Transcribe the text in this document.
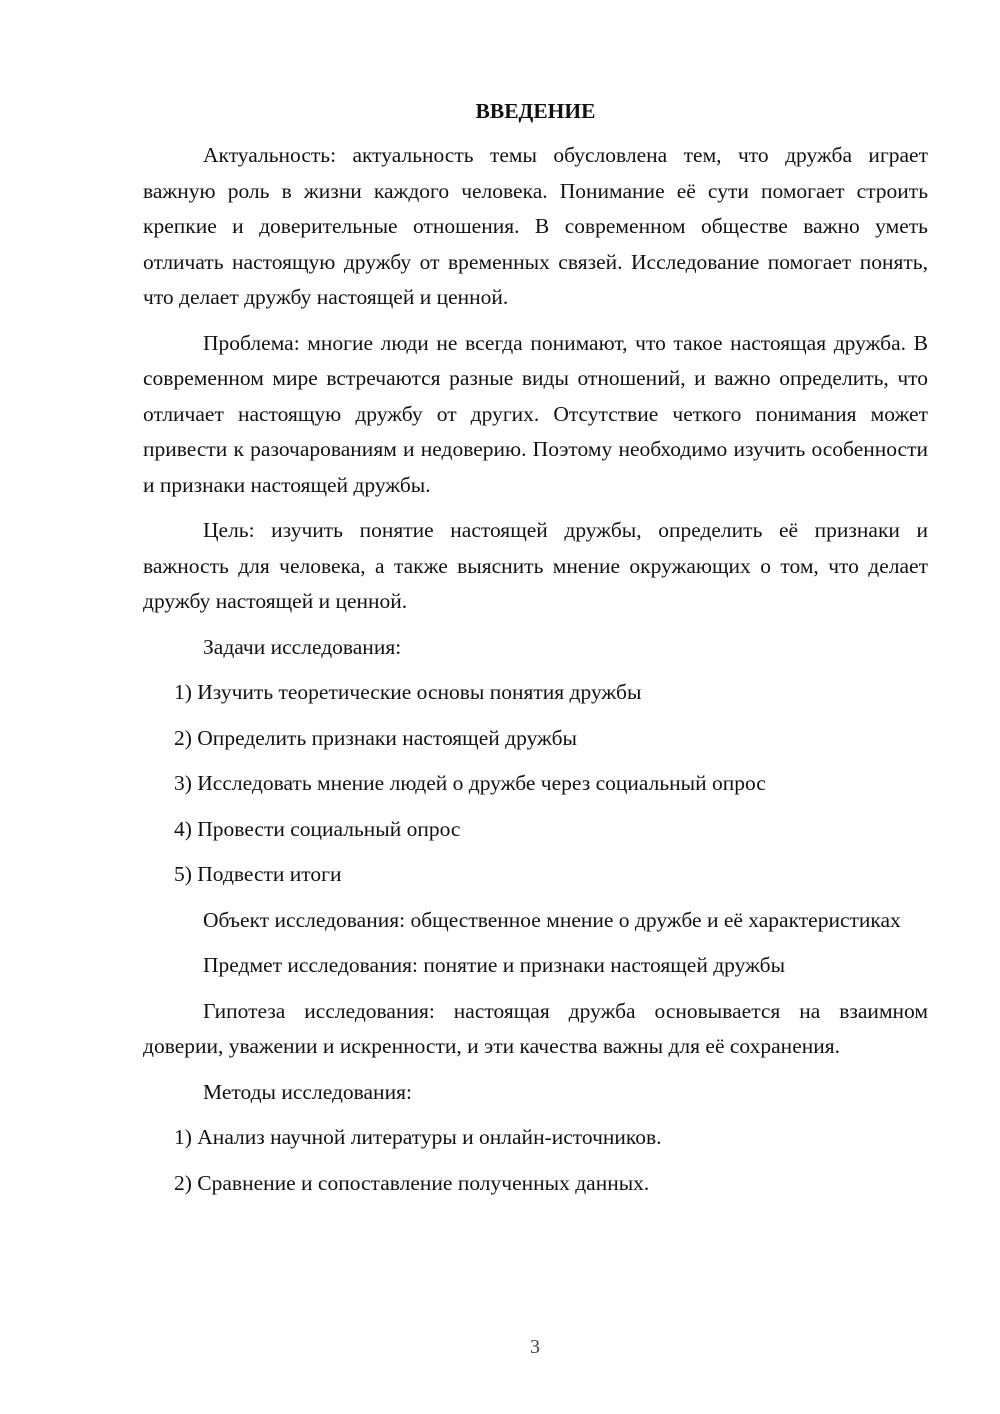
ВВЕДЕНИЕ

Актуальность: актуальность темы обусловлена тем, что дружба играет важную роль в жизни каждого человека. Понимание её сути помогает строить крепкие и доверительные отношения. В современном обществе важно уметь отличать настоящую дружбу от временных связей. Исследование помогает понять, что делает дружбу настоящей и ценной.

Проблема: многие люди не всегда понимают, что такое настоящая дружба. В современном мире встречаются разные виды отношений, и важно определить, что отличает настоящую дружбу от других. Отсутствие четкого понимания может привести к разочарованиям и недоверию. Поэтому необходимо изучить особенности и признаки настоящей дружбы.

Цель: изучить понятие настоящей дружбы, определить её признаки и важность для человека, а также выяснить мнение окружающих о том, что делает дружбу настоящей и ценной.

Задачи исследования:

1) Изучить теоретические основы понятия дружбы

2) Определить признаки настоящей дружбы

3) Исследовать мнение людей о дружбе через социальный опрос

4) Провести социальный опрос

5) Подвести итоги

Объект исследования: общественное мнение о дружбе и её характеристиках

Предмет исследования: понятие и признаки настоящей дружбы

Гипотеза исследования: настоящая дружба основывается на взаимном доверии, уважении и искренности, и эти качества важны для её сохранения.

Методы исследования:

1) Анализ научной литературы и онлайн-источников.

2) Сравнение и сопоставление полученных данных.

3
